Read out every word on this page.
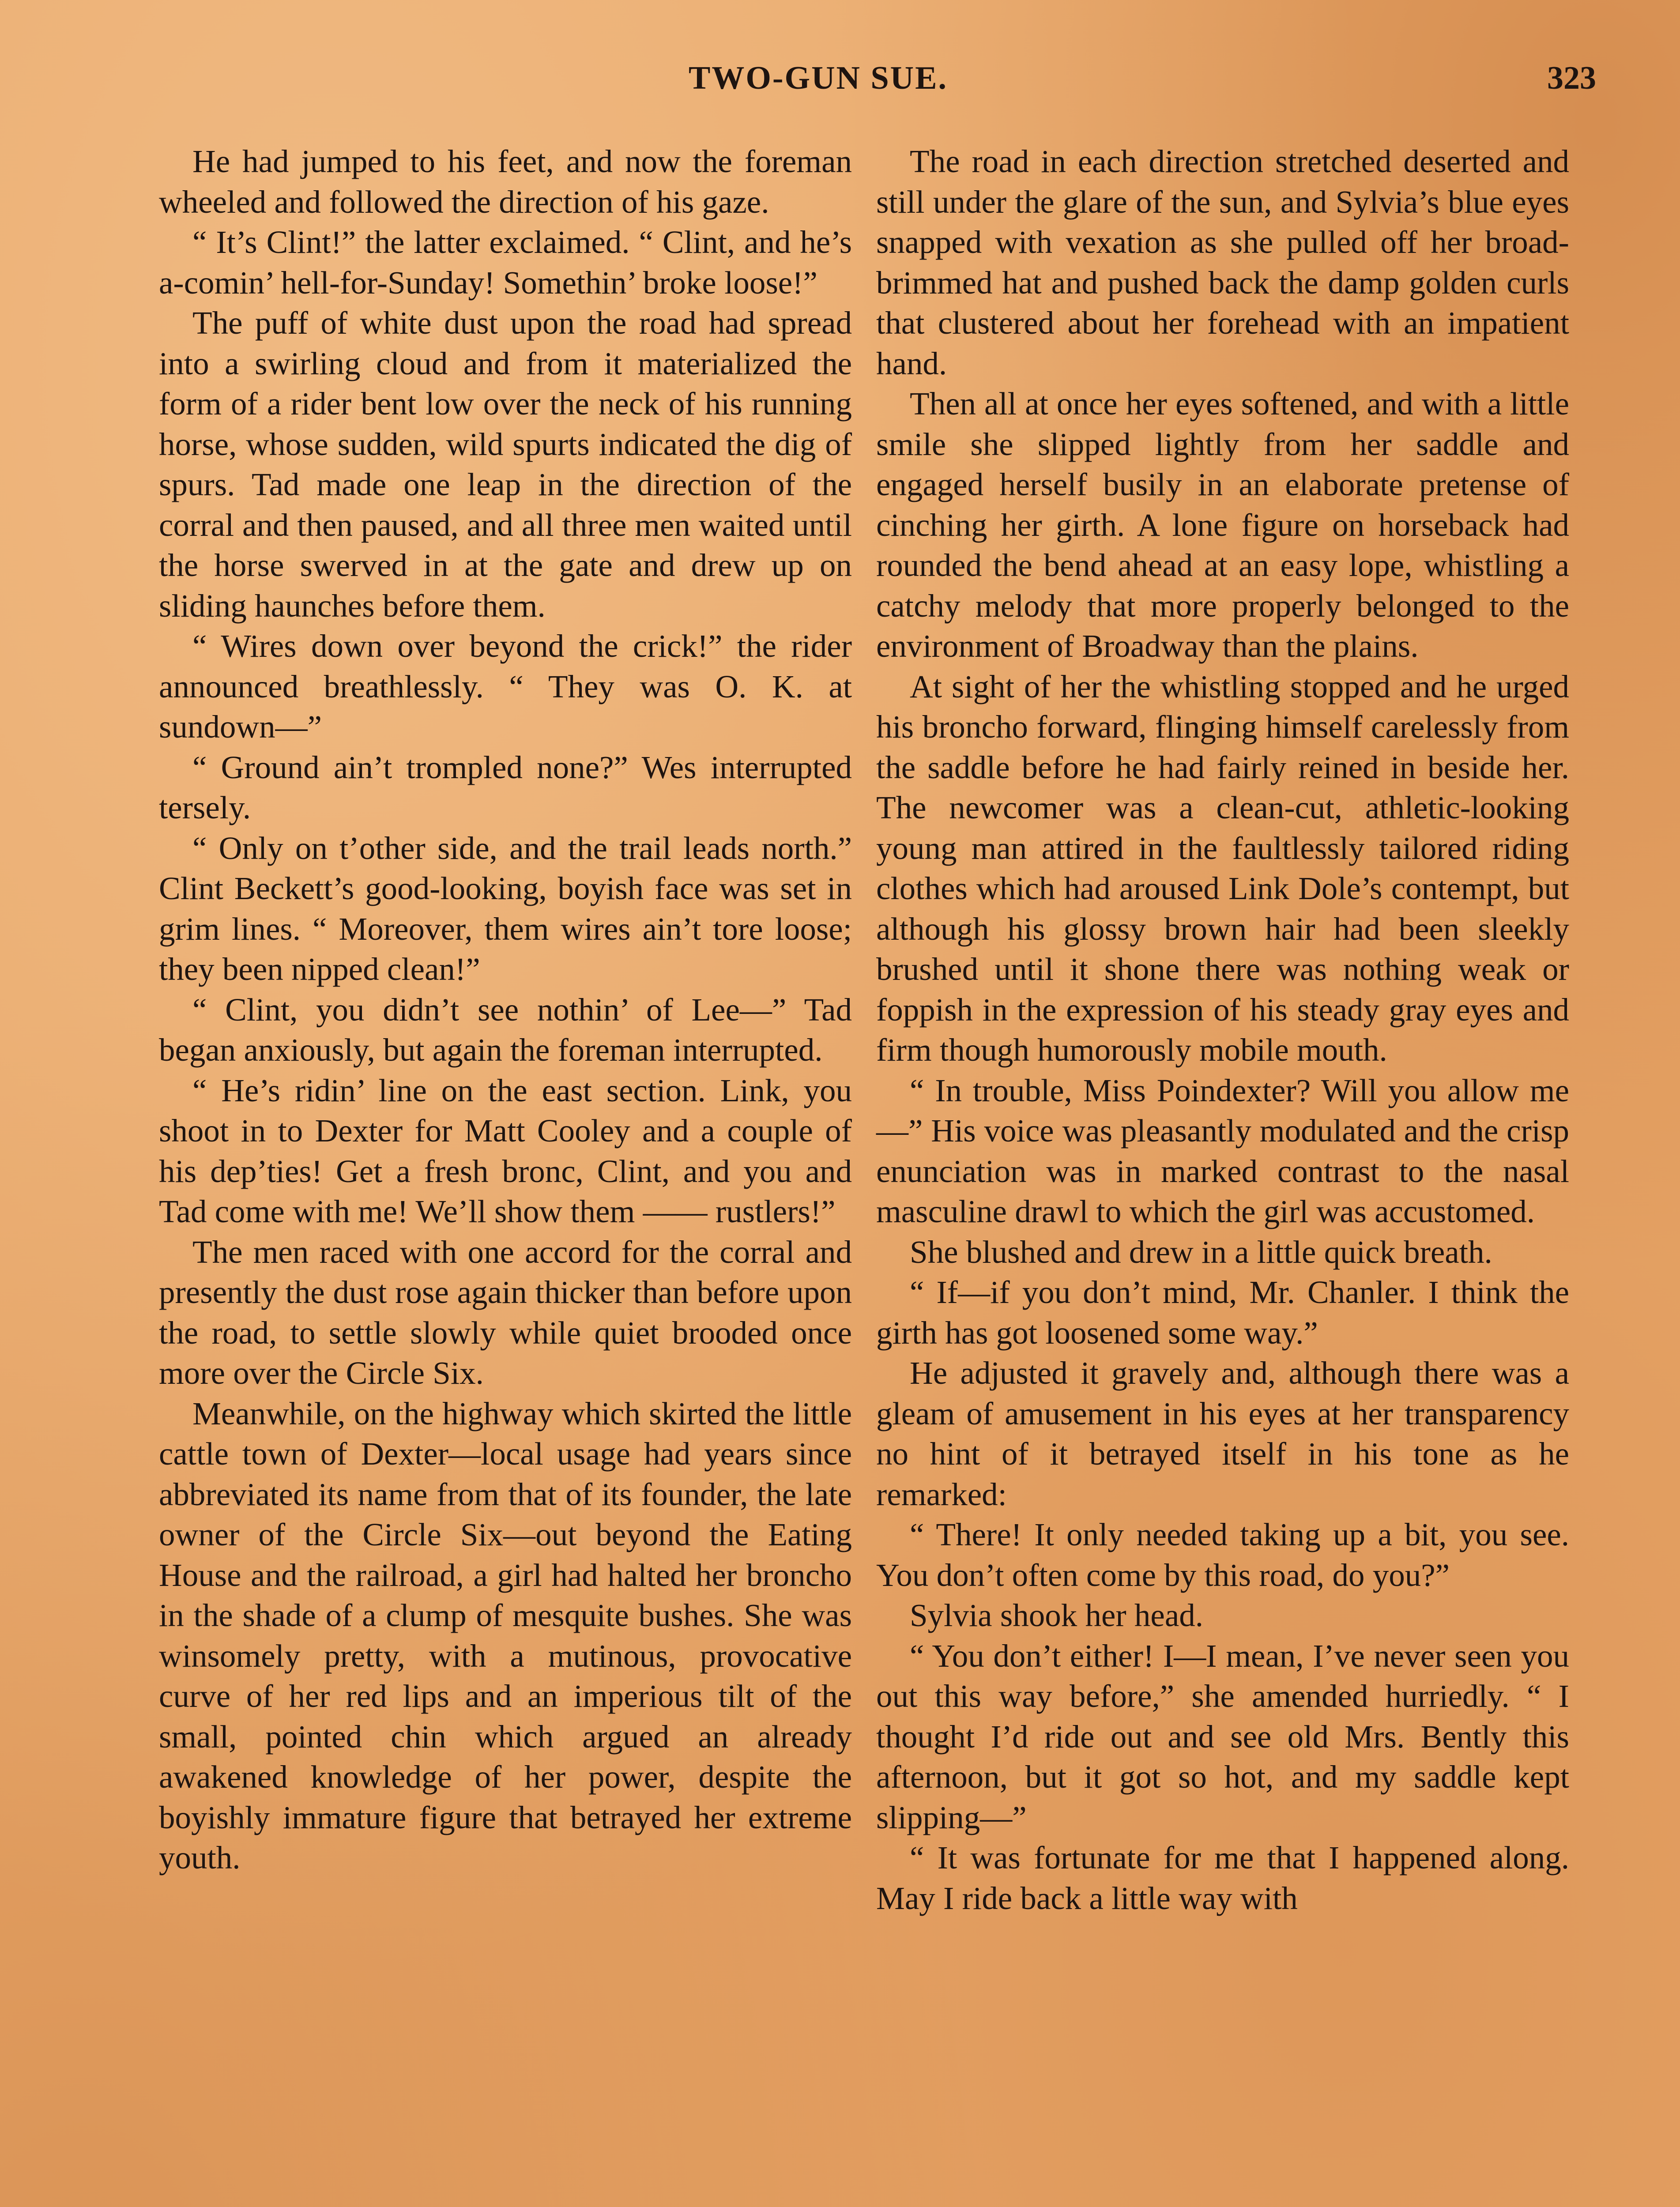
TWO-GUN SUE.	323

He had jumped to his feet, and now the foreman wheeled and followed the direction of his gaze.

“ It’s Clint!” the latter exclaimed. “ Clint, and he’s a-comin’ hell-for-Sunday! Somethin’ broke loose!”

The puff of white dust upon the road had spread into a swirling cloud and from it materialized the form of a rider bent low over the neck of his running horse, whose sudden, wild spurts indicated the dig of spurs. Tad made one leap in the direction of the corral and then paused, and all three men waited until the horse swerved in at the gate and drew up on sliding haunches before them.

“ Wires down over beyond the crick!” the rider announced breathlessly. “ They was O. K. at sundown—”

“ Ground ain’t trompled none?” Wes interrupted tersely.

“ Only on t’other side, and the trail leads north.” Clint Beckett’s good-looking, boyish face was set in grim lines. “ Moreover, them wires ain’t tore loose; they been nipped clean!”

“ Clint, you didn’t see nothin’ of Lee—” Tad began anxiously, but again the foreman interrupted.

“ He’s ridin’ line on the east section. Link, you shoot in to Dexter for Matt Cooley and a couple of his dep’ties! Get a fresh bronc, Clint, and you and Tad come with me! We’ll show them —— rustlers!”

The men raced with one accord for the corral and presently the dust rose again thicker than before upon the road, to settle slowly while quiet brooded once more over the Circle Six.

Meanwhile, on the highway which skirted the little cattle town of Dexter—local usage had years since abbreviated its name from that of its founder, the late owner of the Circle Six—out beyond the Eating House and the railroad, a girl had halted her broncho in the shade of a clump of mesquite bushes. She was winsomely pretty, with a mutinous, provocative curve of her red lips and an imperious tilt of the small, pointed chin which argued an already awakened knowledge of her power, despite the boyishly immature figure that betrayed her extreme youth.

The road in each direction stretched deserted and still under the glare of the sun, and Sylvia’s blue eyes snapped with vexation as she pulled off her broad-brimmed hat and pushed back the damp golden curls that clustered about her forehead with an impatient hand.

Then all at once her eyes softened, and with a little smile she slipped lightly from her saddle and engaged herself busily in an elaborate pretense of cinching her girth. A lone figure on horseback had rounded the bend ahead at an easy lope, whistling a catchy melody that more properly belonged to the environment of Broadway than the plains.

At sight of her the whistling stopped and he urged his broncho forward, flinging himself carelessly from the saddle before he had fairly reined in beside her. The newcomer was a clean-cut, athletic-looking young man attired in the faultlessly tailored riding clothes which had aroused Link Dole’s contempt, but although his glossy brown hair had been sleekly brushed until it shone there was nothing weak or foppish in the expression of his steady gray eyes and firm though humorously mobile mouth.

“ In trouble, Miss Poindexter? Will you allow me—” His voice was pleasantly modulated and the crisp enunciation was in marked contrast to the nasal masculine drawl to which the girl was accustomed.

She blushed and drew in a little quick breath.

“ If—if you don’t mind, Mr. Chanler. I think the girth has got loosened some way.”

He adjusted it gravely and, although there was a gleam of amusement in his eyes at her transparency no hint of it betrayed itself in his tone as he remarked:

“ There! It only needed taking up a bit, you see. You don’t often come by this road, do you?”

Sylvia shook her head.

“ You don’t either! I—I mean, I’ve never seen you out this way before,” she amended hurriedly. “ I thought I’d ride out and see old Mrs. Bently this afternoon, but it got so hot, and my saddle kept slipping—”

“ It was fortunate for me that I happened along. May I ride back a little way with
